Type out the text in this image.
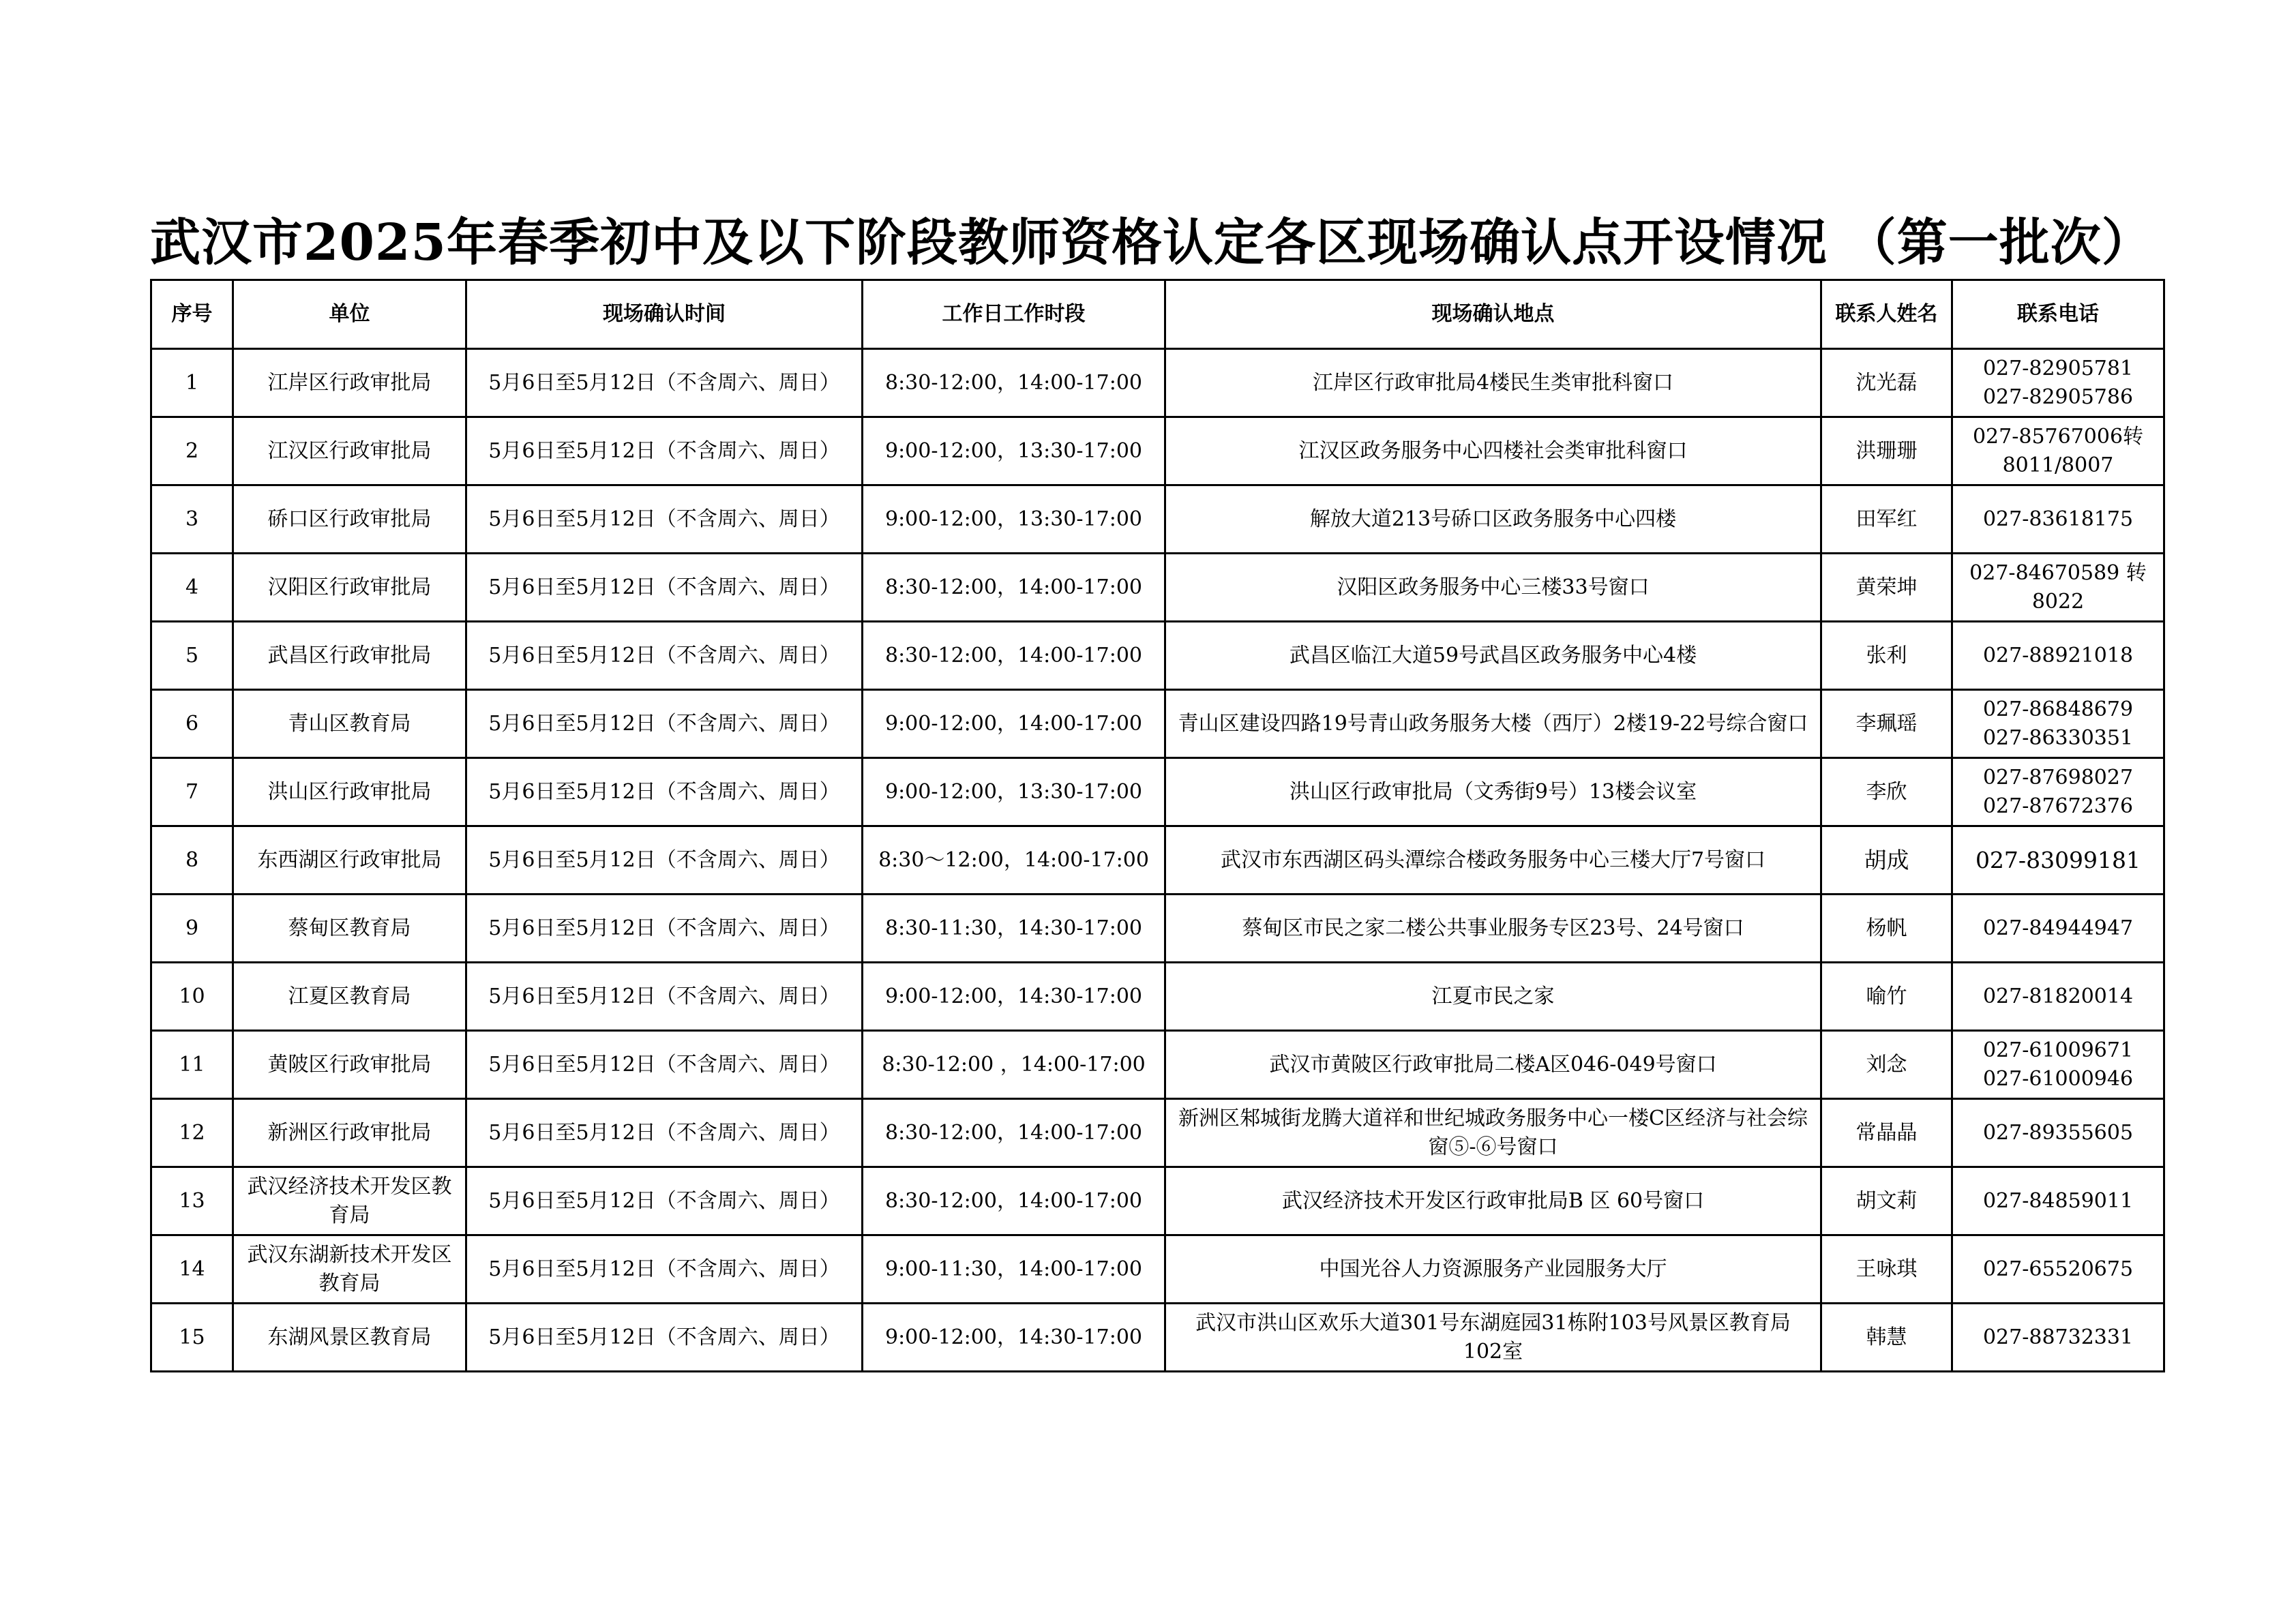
武汉市2025年春季初中及以下阶段教师资格认定各区现场确认点开设情况 （第一批次）
序号	单位	现场确认时间	工作日工作时段	现场确认地点	联系人姓名	联系电话
1	江岸区行政审批局	5月6日至5月12日（不含周六、周日）	8:30-12:00，14:00-17:00	江岸区行政审批局4楼民生类审批科窗口	沈光磊	027-82905781 027-82905786
2	江汉区行政审批局	5月6日至5月12日（不含周六、周日）	9:00-12:00，13:30-17:00	江汉区政务服务中心四楼社会类审批科窗口	洪珊珊	027-85767006转8011/8007
3	硚口区行政审批局	5月6日至5月12日（不含周六、周日）	9:00-12:00，13:30-17:00	解放大道213号硚口区政务服务中心四楼	田军红	027-83618175
4	汉阳区行政审批局	5月6日至5月12日（不含周六、周日）	8:30-12:00，14:00-17:00	汉阳区政务服务中心三楼33号窗口	黄荣坤	027-84670589 转8022
5	武昌区行政审批局	5月6日至5月12日（不含周六、周日）	8:30-12:00，14:00-17:00	武昌区临江大道59号武昌区政务服务中心4楼	张利	027-88921018
6	青山区教育局	5月6日至5月12日（不含周六、周日）	9:00-12:00，14:00-17:00	青山区建设四路19号青山政务服务大楼（西厅）2楼19-22号综合窗口	李珮瑶	027-86848679 027-86330351
7	洪山区行政审批局	5月6日至5月12日（不含周六、周日）	9:00-12:00，13:30-17:00	洪山区行政审批局（文秀街9号）13楼会议室	李欣	027-87698027 027-87672376
8	东西湖区行政审批局	5月6日至5月12日（不含周六、周日）	8:30～12:00，14:00-17:00	武汉市东西湖区码头潭综合楼政务服务中心三楼大厅7号窗口	胡成	027-83099181
9	蔡甸区教育局	5月6日至5月12日（不含周六、周日）	8:30-11:30，14:30-17:00	蔡甸区市民之家二楼公共事业服务专区23号、24号窗口	杨帆	027-84944947
10	江夏区教育局	5月6日至5月12日（不含周六、周日）	9:00-12:00，14:30-17:00	江夏市民之家	喻竹	027-81820014
11	黄陂区行政审批局	5月6日至5月12日（不含周六、周日）	8:30-12:00 ，14:00-17:00	武汉市黄陂区行政审批局二楼A区046-049号窗口	刘念	027-61009671 027-61000946
12	新洲区行政审批局	5月6日至5月12日（不含周六、周日）	8:30-12:00，14:00-17:00	新洲区邾城街龙腾大道祥和世纪城政务服务中心一楼C区经济与社会综窗⑤-⑥号窗口	常晶晶	027-89355605
13	武汉经济技术开发区教育局	5月6日至5月12日（不含周六、周日）	8:30-12:00，14:00-17:00	武汉经济技术开发区行政审批局B 区 60号窗口	胡文莉	027-84859011
14	武汉东湖新技术开发区教育局	5月6日至5月12日（不含周六、周日）	9:00-11:30，14:00-17:00	中国光谷人力资源服务产业园服务大厅	王咏琪	027-65520675
15	东湖风景区教育局	5月6日至5月12日（不含周六、周日）	9:00-12:00，14:30-17:00	武汉市洪山区欢乐大道301号东湖庭园31栋附103号风景区教育局102室	韩慧	027-88732331
